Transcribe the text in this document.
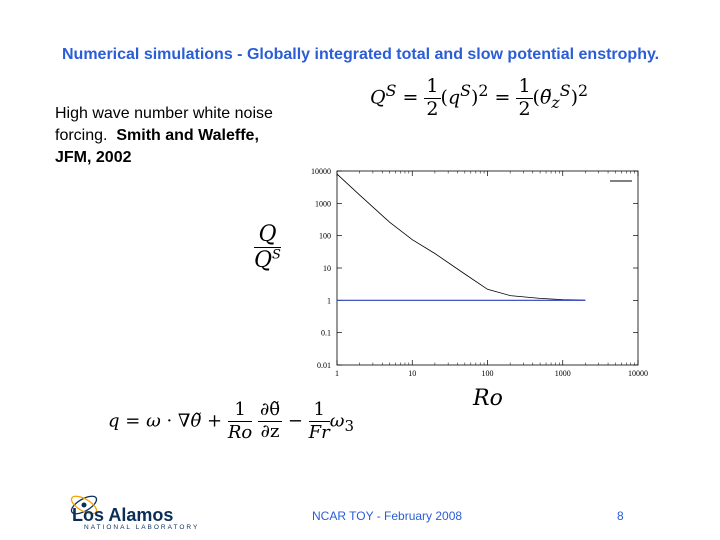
Numerical simulations - Globally integrated total and slow potential enstrophy.
High wave number white noise forcing. Smith and Waleffe, JFM, 2002
$Q^S = \frac{1}{2} (q^S)^2 = \frac{1}{2}$ $(\thetã_z^S)^2$
$\frac{Q}{Q^S}$
1	10	100	1000	10000
10000
1000
100
10
1
0.1
0.01
Ro
q = ω · ∇θ̃ + $\frac{1}{Ro} \frac{\partial\thetã}{\partial z} - \frac{1}{Fr}\omega_3$
Los Alamos
NATIONAL LABORATORY
NCAR TOY - February 2008	8
